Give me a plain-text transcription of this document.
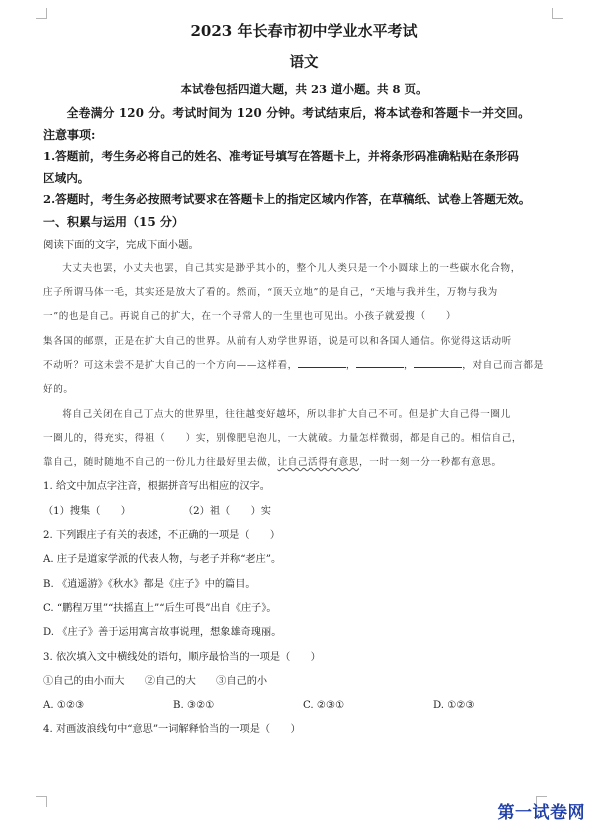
2023 年长春市初中学业水平考试
语文
本试卷包括四道大题，共 23 道小题。共 8 页。
全卷满分 120 分。考试时间为 120 分钟。考试结束后，将本试卷和答题卡一并交回。
注意事项:
1.答题前，考生务必将自己的姓名、准考证号填写在答题卡上，并将条形码准确粘贴在条形码
区域内。
2.答题时，考生务必按照考试要求在答题卡上的指定区域内作答，在草稿纸、试卷上答题无效。
一、积累与运用（15 分）
阅读下面的文字，完成下面小题。
大丈夫也罢，小丈夫也罢，自己其实是渺乎其小的，整个儿人类只是一个小圆球上的一些碳水化合物，
庄子所谓马体一毛，其实还是放大了看的。然而，“顶天立地”的是自己，“天地与我并生，万物与我为
一”的也是自己。再说自己的扩大，在一个寻常人的一生里也可见出。小孩子就爱搜（　　）
集各国的邮票，正是在扩大自己的世界。从前有人劝学世界语，说是可以和各国人通信。你觉得这话动听
不动听？可这未尝不是扩大自己的一个方向——这样看，	，	，	，对自己而言都是
好的。
将自己关闭在自己丁点大的世界里，往往越变好越坏，所以非扩大自己不可。但是扩大自己得一圈儿
一圈儿的，得充实，得祖（　　）实，别像肥皂泡儿，一大就破。力量怎样微弱，都是自己的。相信自己，
靠自己，随时随地不自己的一份儿力往最好里去做，让自己活得有意思，一时一刻一分一秒都有意思。
1. 给文中加点字注音，根据拼音写出相应的汉字。
（1）搜集（　　）	（2）祖（　　）实
2. 下列跟庄子有关的表述，不正确的一项是（　　）
A. 庄子是道家学派的代表人物，与老子并称“老庄”。
B. 《逍遥游》《秋水》都是《庄子》中的篇目。
C. “鹏程万里”“扶摇直上”“后生可畏”出自《庄子》。
D. 《庄子》善于运用寓言故事说理，想象雄奇瑰丽。
3. 依次填入文中横线处的语句，顺序最恰当的一项是（　　）
①自己的由小而大　　②自己的大　　③自己的小
A. ①②③	B. ③②①	C. ②③①	D. ①②③
4. 对画波浪线句中“意思”一词解释恰当的一项是（　　）
第一试卷网
